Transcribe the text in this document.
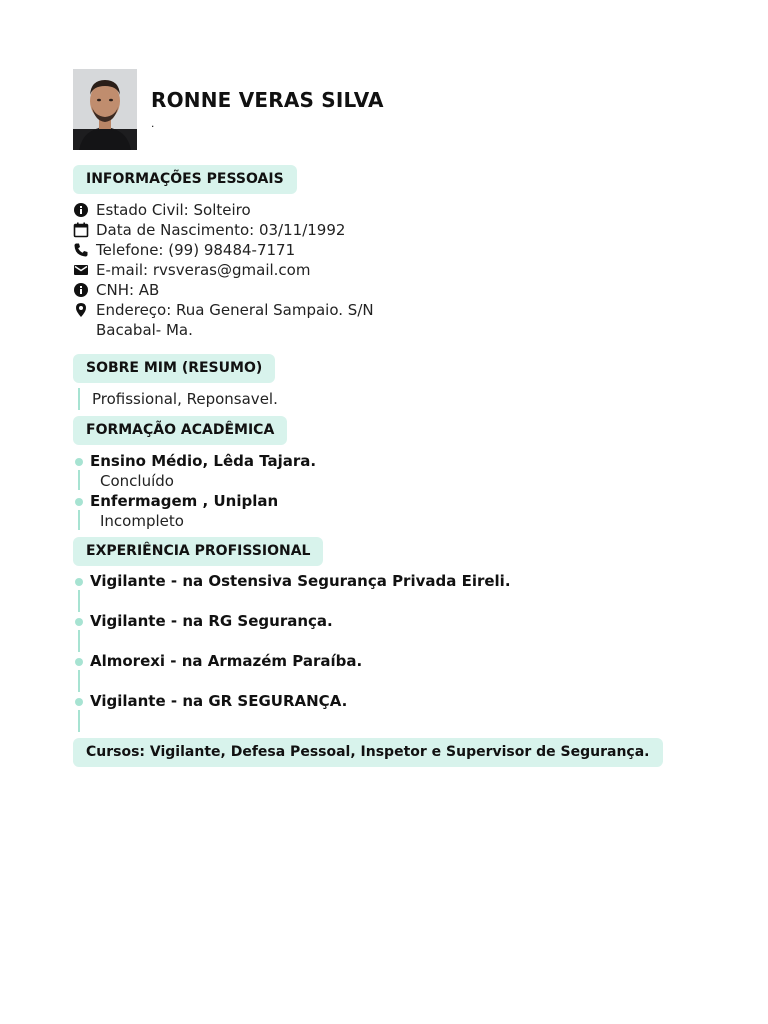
RONNE VERAS SILVA
.
INFORMAÇÕES PESSOAIS
Estado Civil: Solteiro
Data de Nascimento: 03/11/1992
Telefone: (99) 98484-7171
E-mail: rvsveras@gmail.com
CNH: AB
Endereço: Rua General Sampaio. S/N
Bacabal- Ma.
SOBRE MIM (RESUMO)
Profissional, Reponsavel.
FORMAÇÃO ACADÊMICA
Ensino Médio, Lêda Tajara.
Concluído
Enfermagem , Uniplan
Incompleto
EXPERIÊNCIA PROFISSIONAL
Vigilante - na Ostensiva Segurança Privada Eireli.
Vigilante - na RG Segurança.
Almorexi - na Armazém Paraíba.
Vigilante - na GR SEGURANÇA.
Cursos: Vigilante, Defesa Pessoal, Inspetor e Supervisor de Segurança.
